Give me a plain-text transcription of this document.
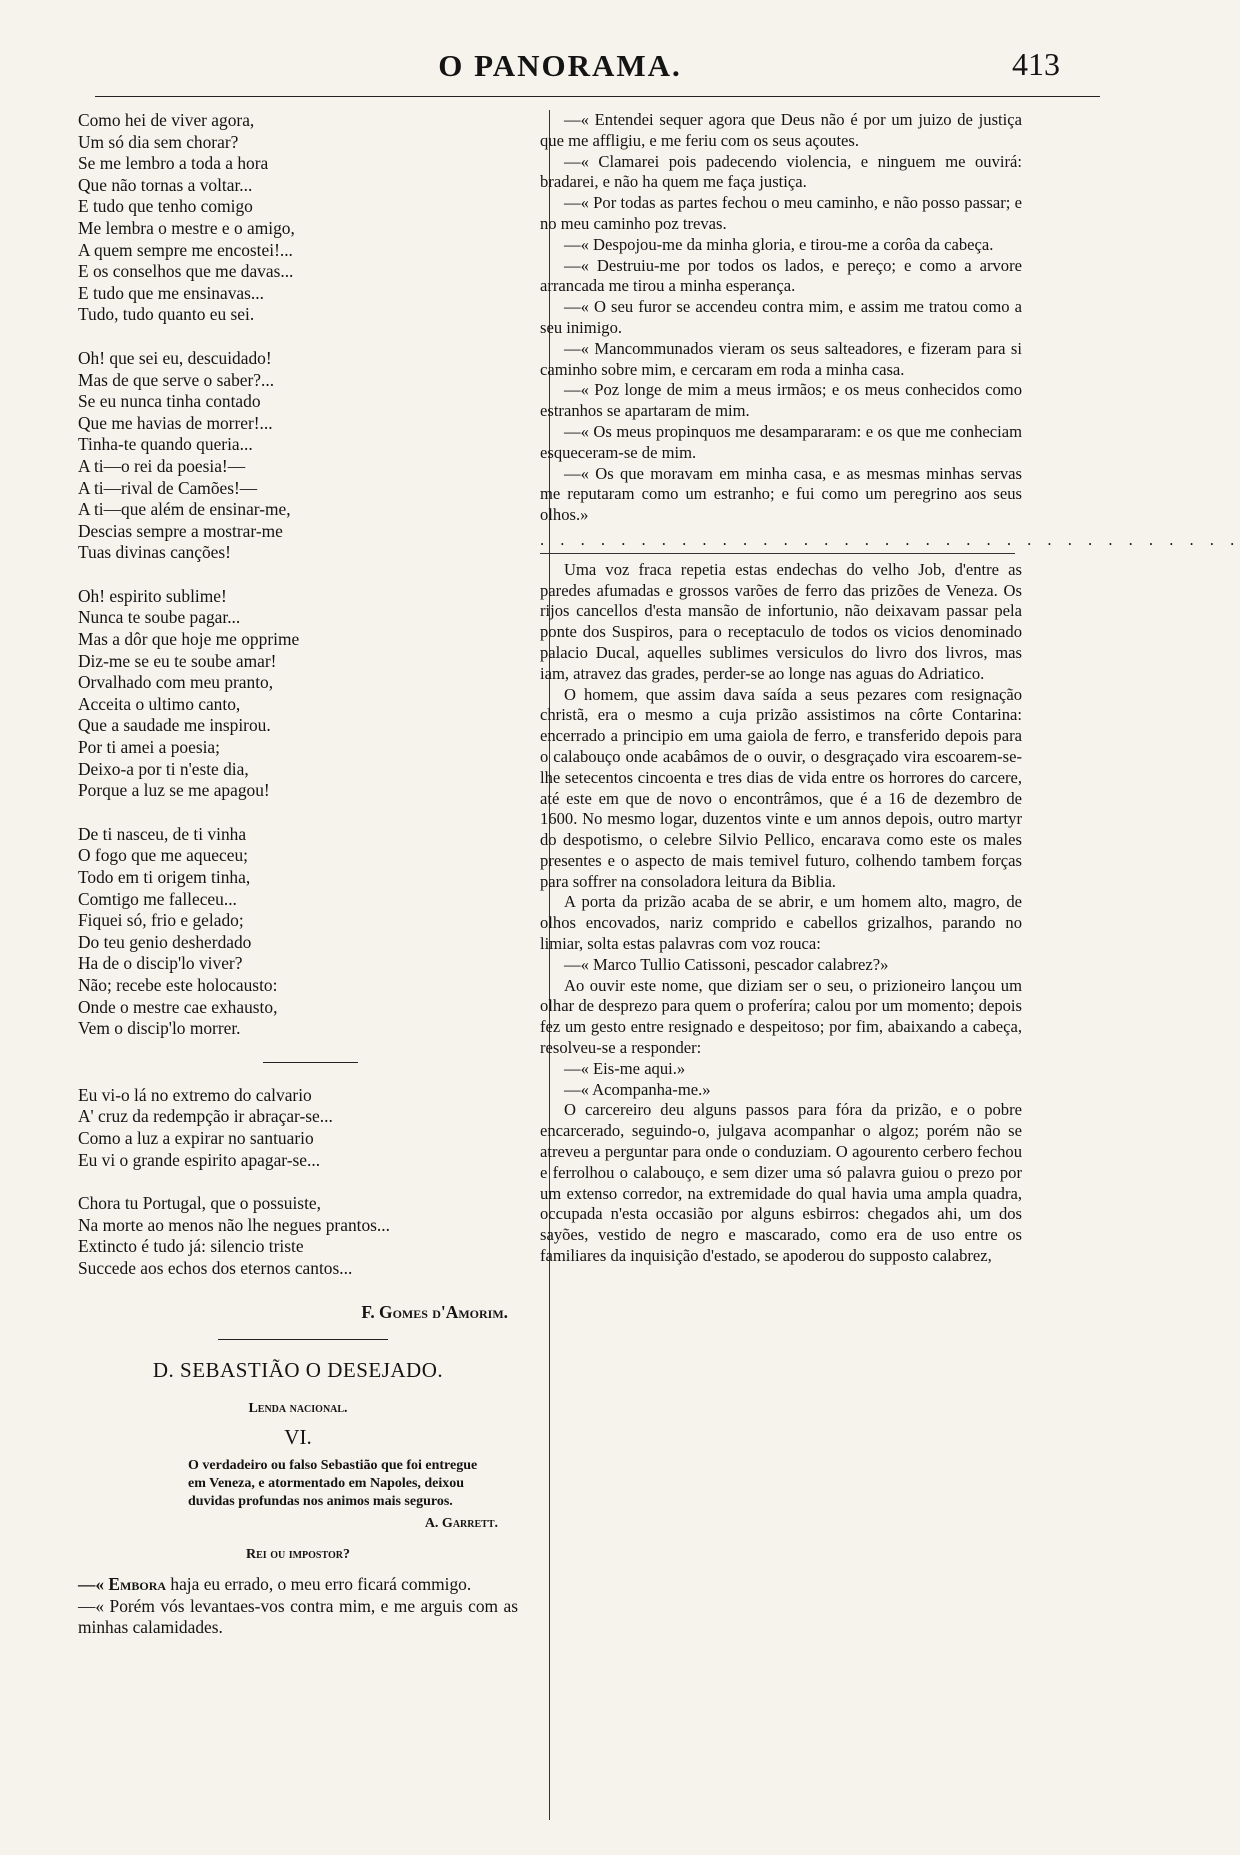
O PANORAMA.	413
Como hei de viver agora,
Um só dia sem chorar?
Se me lembro a toda a hora
Que não tornas a voltar...
E tudo que tenho comigo
Me lembra o mestre e o amigo,
A quem sempre me encostei!...
E os conselhos que me davas...
E tudo que me ensinavas...
Tudo, tudo quanto eu sei.
Oh! que sei eu, descuidado!
Mas de que serve o saber?...
Se eu nunca tinha contado
Que me havias de morrer!...
Tinha-te quando queria...
A ti—o rei da poesia!—
A ti—rival de Camões!—
A ti—que além de ensinar-me,
Descias sempre a mostrar-me
Tuas divinas canções!
Oh! espirito sublime!
Nunca te soube pagar...
Mas a dôr que hoje me opprime
Diz-me se eu te soube amar!
Orvalhado com meu pranto,
Acceita o ultimo canto,
Que a saudade me inspirou.
Por ti amei a poesia;
Deixo-a por ti n'este dia,
Porque a luz se me apagou!
De ti nasceu, de ti vinha
O fogo que me aqueceu;
Todo em ti origem tinha,
Comtigo me falleceu...
Fiquei só, frio e gelado;
Do teu genio desherdado
Ha de o discip'lo viver?
Não; recebe este holocausto:
Onde o mestre cae exhausto,
Vem o discip'lo morrer.
Eu vi-o lá no extremo do calvario
A' cruz da redempção ir abraçar-se...
Como a luz a expirar no santuario
Eu vi o grande espirito apagar-se...
Chora tu Portugal, que o possuiste,
Na morte ao menos não lhe negues prantos...
Extincto é tudo já: silencio triste
Succede aos echos dos eternos cantos...
F. Gomes d'Amorim.
D. SEBASTIÃO O DESEJADO.
Lenda nacional.
VI.
O verdadeiro ou falso Sebastião que foi entregue em Veneza, e atormentado em Napoles, deixou duvidas profundas nos animos mais seguros.
A. Garrett.
Rei ou impostor?

—« Embora haja eu errado, o meu erro ficará commigo.

—« Porém vós levantaes-vos contra mim, e me arguis com as minhas calamidades.

—« Entendei sequer agora que Deus não é por um juizo de justiça que me affligiu, e me feriu com os seus açoutes.

—« Clamarei pois padecendo violencia, e ninguem me ouvirá: bradarei, e não ha quem me faça justiça.

—« Por todas as partes fechou o meu caminho, e não posso passar; e no meu caminho poz trevas.

—« Despojou-me da minha gloria, e tirou-me a corôa da cabeça.

—« Destruiu-me por todos os lados, e pereço; e como a arvore arrancada me tirou a minha esperança.

—« O seu furor se accendeu contra mim, e assim me tratou como a seu inimigo.

—« Mancommunados vieram os seus salteadores, e fizeram para si caminho sobre mim, e cercaram em roda a minha casa.

—« Poz longe de mim a meus irmãos; e os meus conhecidos como estranhos se apartaram de mim.

—« Os meus propinquos me desampararam: e os que me conheciam esqueceram-se de mim.

—« Os que moravam em minha casa, e as mesmas minhas servas me reputaram como um estranho; e fui como um peregrino aos seus olhos.»

. . . . . . . . . . . . . . . . . . . . . . . . . . . . . . . . . . .

Uma voz fraca repetia estas endechas do velho Job, d'entre as paredes afumadas e grossos varões de ferro das prizões de Veneza. Os rijos cancellos d'esta mansão de infortunio, não deixavam passar pela ponte dos Suspiros, para o receptaculo de todos os vicios denominado palacio Ducal, aquelles sublimes versiculos do livro dos livros, mas iam, atravez das grades, perder-se ao longe nas aguas do Adriatico.

O homem, que assim dava saída a seus pezares com resignação christã, era o mesmo a cuja prizão assistimos na côrte Contarina: encerrado a principio em uma gaiola de ferro, e transferido depois para o calabouço onde acabâmos de o ouvir, o desgraçado vira escoarem-se-lhe setecentos cincoenta e tres dias de vida entre os horrores do carcere, até este em que de novo o encontrâmos, que é a 16 de dezembro de 1600. No mesmo logar, duzentos vinte e um annos depois, outro martyr do despotismo, o celebre Silvio Pellico, encarava como este os males presentes e o aspecto de mais temivel futuro, colhendo tambem forças para soffrer na consoladora leitura da Biblia.

A porta da prizão acaba de se abrir, e um homem alto, magro, de olhos encovados, nariz comprido e cabellos grizalhos, parando no limiar, solta estas palavras com voz rouca:

—« Marco Tullio Catissoni, pescador calabrez?»

Ao ouvir este nome, que diziam ser o seu, o prizioneiro lançou um olhar de desprezo para quem o proferíra; calou por um momento; depois fez um gesto entre resignado e despeitoso; por fim, abaixando a cabeça, resolveu-se a responder:

—« Eis-me aqui.»

—« Acompanha-me.»

O carcereiro deu alguns passos para fóra da prizão, e o pobre encarcerado, seguindo-o, julgava acompanhar o algoz; porém não se atreveu a perguntar para onde o conduziam. O agourento cerbero fechou e ferrolhou o calabouço, e sem dizer uma só palavra guiou o prezo por um extenso corredor, na extremidade do qual havia uma ampla quadra, occupada n'esta occasião por alguns esbirros: chegados ahi, um dos sayões, vestido de negro e mascarado, como era de uso entre os familiares da inquisição d'estado, se apoderou do supposto calabrez,
